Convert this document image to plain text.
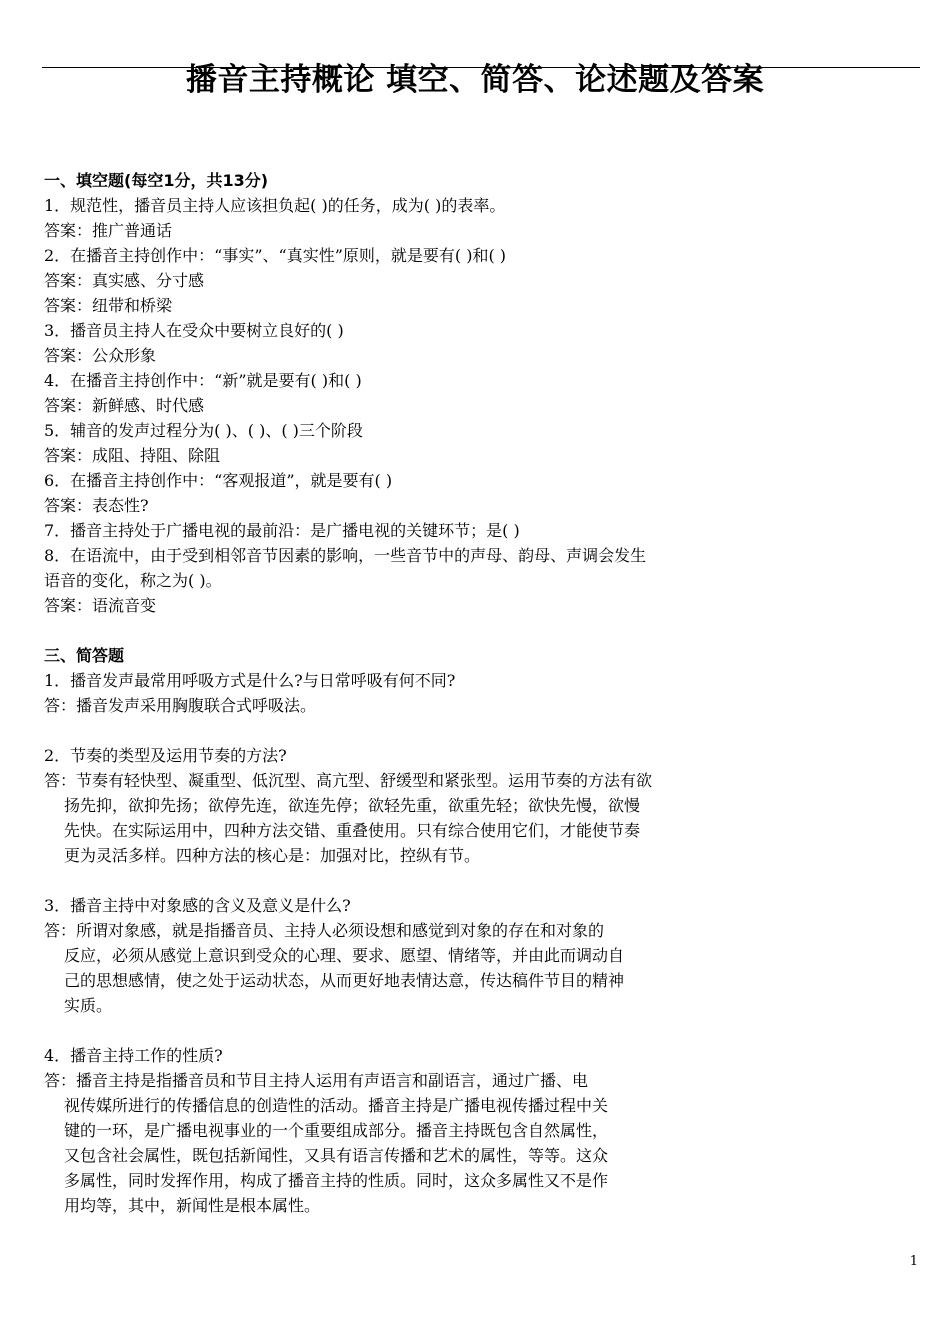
播音主持概论 填空、简答、论述题及答案
一、填空题(每空1分，共13分)
1．规范性，播音员主持人应该担负起( )的任务，成为( )的表率。
答案：推广普通话
2．在播音主持创作中：“事实”、“真实性”原则，就是要有( )和( )
答案：真实感、分寸感
答案：纽带和桥梁
3．播音员主持人在受众中要树立良好的( )
答案：公众形象
4．在播音主持创作中：“新”就是要有( )和( )
答案：新鲜感、时代感
5．辅音的发声过程分为( )、( )、( )三个阶段
答案：成阻、持阻、除阻
6．在播音主持创作中：“客观报道”，就是要有( )
答案：表态性?
7．播音主持处于广播电视的最前沿：是广播电视的关键环节；是( )
8．在语流中，由于受到相邻音节因素的影响，一些音节中的声母、韵母、声调会发生
语音的变化，称之为( )。
答案：语流音变
三、简答题
1．播音发声最常用呼吸方式是什么?与日常呼吸有何不同?
答：播音发声采用胸腹联合式呼吸法。
2．节奏的类型及运用节奏的方法?
答：节奏有轻快型、凝重型、低沉型、高亢型、舒缓型和紧张型。运用节奏的方法有欲
扬先抑，欲抑先扬；欲停先连，欲连先停；欲轻先重，欲重先轻；欲快先慢，欲慢
先快。在实际运用中，四种方法交错、重叠使用。只有综合使用它们，才能使节奏
更为灵活多样。四种方法的核心是：加强对比，控纵有节。
3．播音主持中对象感的含义及意义是什么?
答：所谓对象感，就是指播音员、主持人必须设想和感觉到对象的存在和对象的
反应，必须从感觉上意识到受众的心理、要求、愿望、情绪等，并由此而调动自
己的思想感情，使之处于运动状态，从而更好地表情达意，传达稿件节目的精神
实质。
4．播音主持工作的性质?
答：播音主持是指播音员和节目主持人运用有声语言和副语言，通过广播、电
视传媒所进行的传播信息的创造性的活动。播音主持是广播电视传播过程中关
键的一环，是广播电视事业的一个重要组成部分。播音主持既包含自然属性，
又包含社会属性，既包括新闻性，又具有语言传播和艺术的属性，等等。这众
多属性，同时发挥作用，构成了播音主持的性质。同时，这众多属性又不是作
用均等，其中，新闻性是根本属性。
1
